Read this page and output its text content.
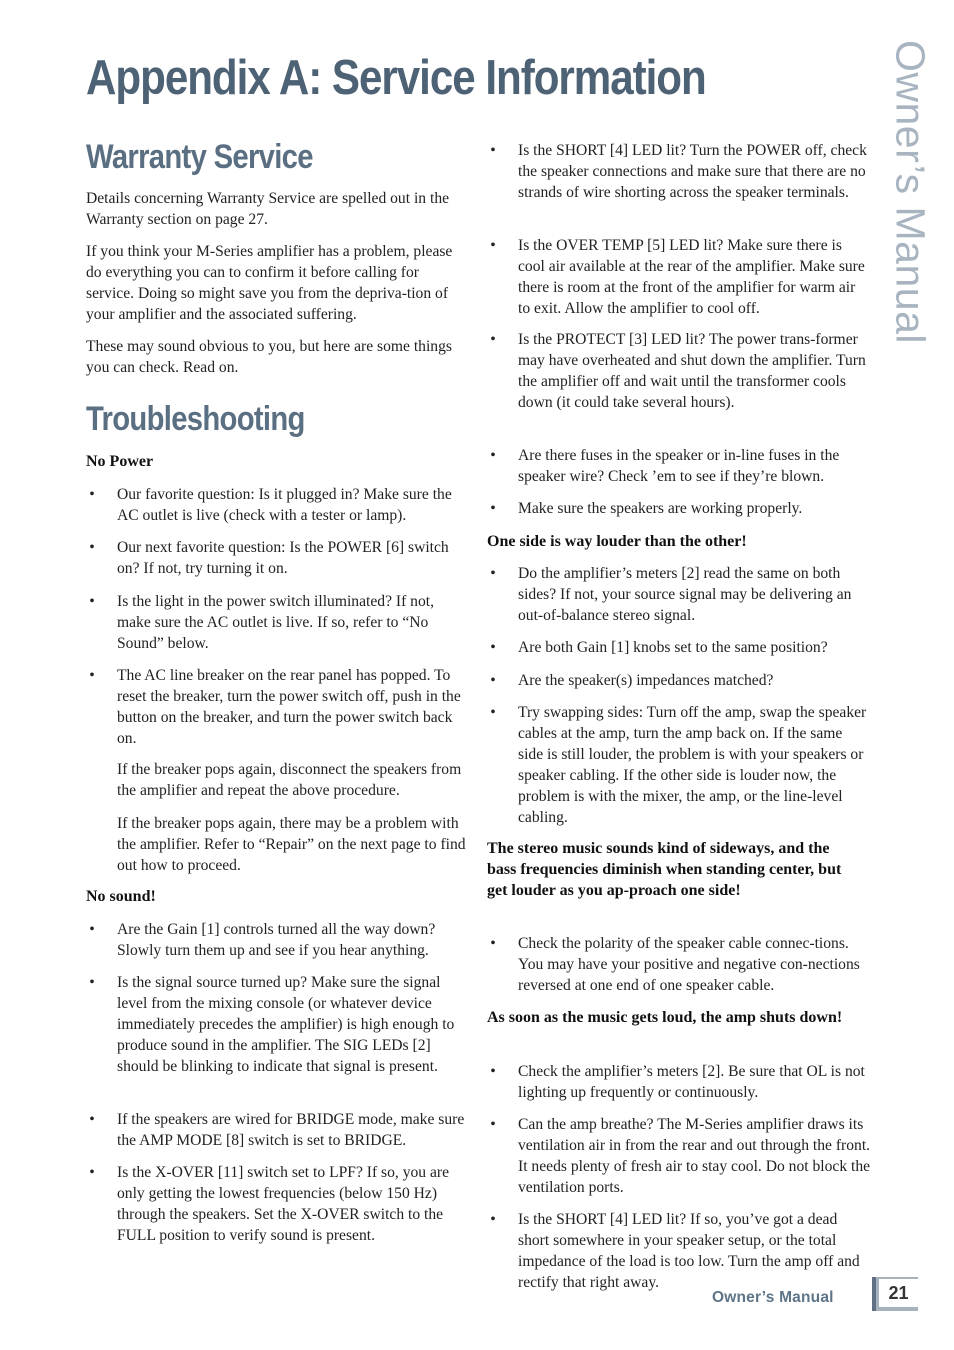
Appendix A: Service Information	Owner’s Manual
Warranty Service

Details concerning Warranty Service are spelled out in the Warranty section on page 27.

If you think your M-Series amplifier has a problem, please do everything you can to confirm it before calling for service. Doing so might save you from the depriva-tion of your amplifier and the associated suffering.

These may sound obvious to you, but here are some things you can check. Read on.

Troubleshooting

No Power

• Our favorite question: Is it plugged in? Make sure the AC outlet is live (check with a tester or lamp).
• Our next favorite question: Is the POWER [6] switch on? If not, try turning it on.
• Is the light in the power switch illuminated? If not, make sure the AC outlet is live. If so, refer to “No Sound” below.
• The AC line breaker on the rear panel has popped. To reset the breaker, turn the power switch off, push in the button on the breaker, and turn the power switch back on.

If the breaker pops again, disconnect the speakers from the amplifier and repeat the above procedure.

If the breaker pops again, there may be a problem with the amplifier. Refer to “Repair” on the next page to find out how to proceed.

No sound!

• Are the Gain [1] controls turned all the way down? Slowly turn them up and see if you hear anything.
• Is the signal source turned up? Make sure the signal level from the mixing console (or whatever device immediately precedes the amplifier) is high enough to produce sound in the amplifier. The SIG LEDs [2] should be blinking to indicate that signal is present.
• If the speakers are wired for BRIDGE mode, make sure the AMP MODE [8] switch is set to BRIDGE.
• Is the X-OVER [11] switch set to LPF? If so, you are only getting the lowest frequencies (below 150 Hz) through the speakers. Set the X-OVER switch to the FULL position to verify sound is present.
• Is the SHORT [4] LED lit? Turn the POWER off, check the speaker connections and make sure that there are no strands of wire shorting across the speaker terminals.
• Is the OVER TEMP [5] LED lit? Make sure there is cool air available at the rear of the amplifier. Make sure there is room at the front of the amplifier for warm air to exit. Allow the amplifier to cool off.
• Is the PROTECT [3] LED lit? The power trans-former may have overheated and shut down the amplifier. Turn the amplifier off and wait until the transformer cools down (it could take several hours).
• Are there fuses in the speaker or in-line fuses in the speaker wire? Check ’em to see if they’re blown.
• Make sure the speakers are working properly.

One side is way louder than the other!

• Do the amplifier’s meters [2] read the same on both sides? If not, your source signal may be delivering an out-of-balance stereo signal.
• Are both Gain [1] knobs set to the same position?
• Are the speaker(s) impedances matched?
• Try swapping sides: Turn off the amp, swap the speaker cables at the amp, turn the amp back on. If the same side is still louder, the problem is with your speakers or speaker cabling. If the other side is louder now, the problem is with the mixer, the amp, or the line-level cabling.

The stereo music sounds kind of sideways, and the bass frequencies diminish when standing center, but get louder as you ap-proach one side!

• Check the polarity of the speaker cable connec-tions. You may have your positive and negative con-nections reversed at one end of one speaker cable.

As soon as the music gets loud, the amp shuts down!

• Check the amplifier’s meters [2]. Be sure that OL is not lighting up frequently or continuously.
• Can the amp breathe? The M-Series amplifier draws its ventilation air in from the rear and out through the front. It needs plenty of fresh air to stay cool. Do not block the ventilation ports.
• Is the SHORT [4] LED lit? If so, you’ve got a dead short somewhere in your speaker setup, or the total impedance of the load is too low. Turn the amp off and rectify that right away.
Owner’s Manual	21
